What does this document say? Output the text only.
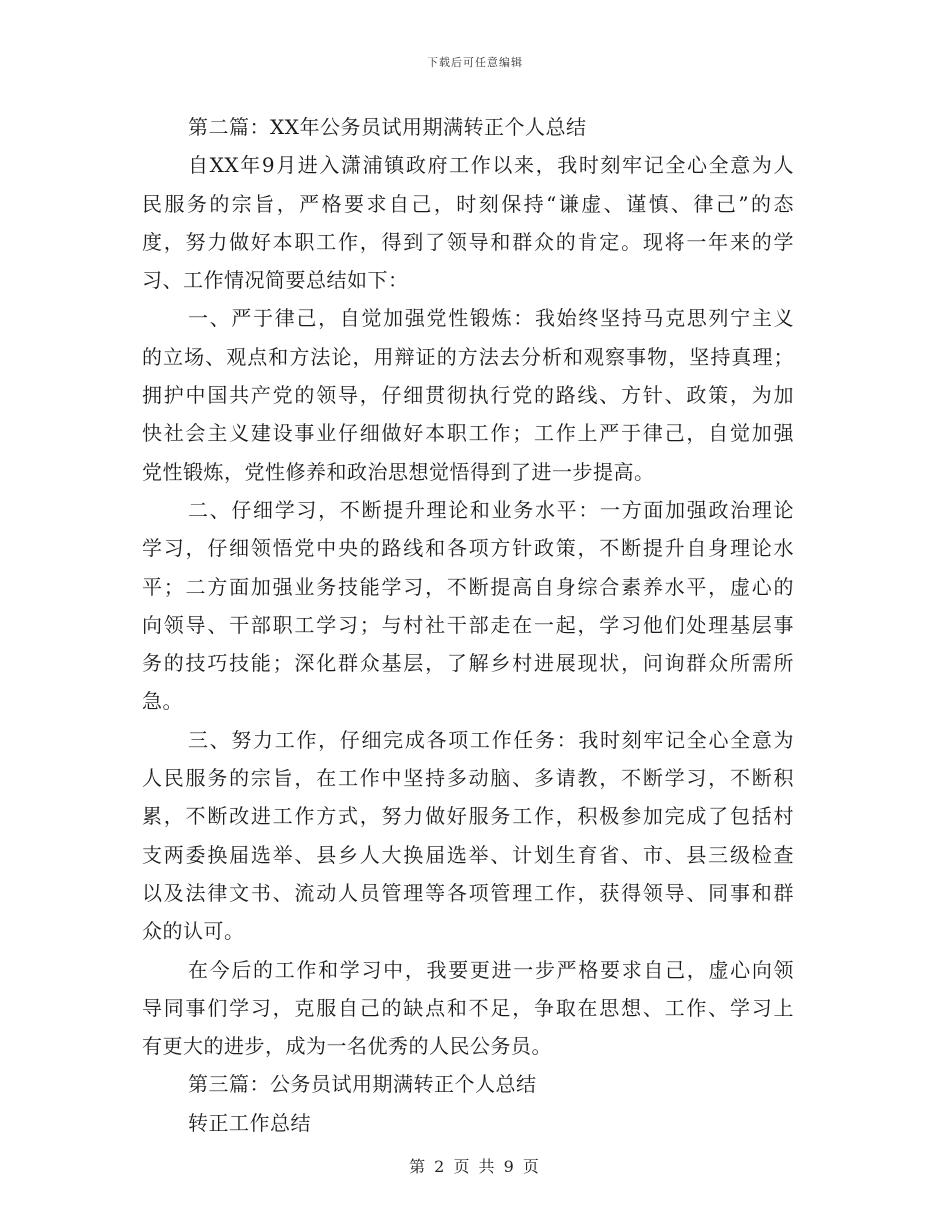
下载后可任意编辑
第二篇：XX年公务员试用期满转正个人总结
自XX年9月进入潇浦镇政府工作以来，我时刻牢记全心全意为人
民服务的宗旨，严格要求自己，时刻保持“谦虚、谨慎、律己”的态
度，努力做好本职工作，得到了领导和群众的肯定。现将一年来的学
习、工作情况简要总结如下：
一、严于律己，自觉加强党性锻炼：我始终坚持马克思列宁主义
的立场、观点和方法论，用辩证的方法去分析和观察事物，坚持真理；
拥护中国共产党的领导，仔细贯彻执行党的路线、方针、政策，为加
快社会主义建设事业仔细做好本职工作；工作上严于律己，自觉加强
党性锻炼，党性修养和政治思想觉悟得到了进一步提高。
二、仔细学习，不断提升理论和业务水平：一方面加强政治理论
学习，仔细领悟党中央的路线和各项方针政策，不断提升自身理论水
平；二方面加强业务技能学习，不断提高自身综合素养水平，虚心的
向领导、干部职工学习；与村社干部走在一起，学习他们处理基层事
务的技巧技能；深化群众基层，了解乡村进展现状，问询群众所需所
急。
三、努力工作，仔细完成各项工作任务：我时刻牢记全心全意为
人民服务的宗旨，在工作中坚持多动脑、多请教，不断学习，不断积
累，不断改进工作方式，努力做好服务工作，积极参加完成了包括村
支两委换届选举、县乡人大换届选举、计划生育省、市、县三级检查
以及法律文书、流动人员管理等各项管理工作，获得领导、同事和群
众的认可。
在今后的工作和学习中，我要更进一步严格要求自己，虚心向领
导同事们学习，克服自己的缺点和不足，争取在思想、工作、学习上
有更大的进步，成为一名优秀的人民公务员。
第三篇：公务员试用期满转正个人总结
转正工作总结
第 2 页 共 9 页
